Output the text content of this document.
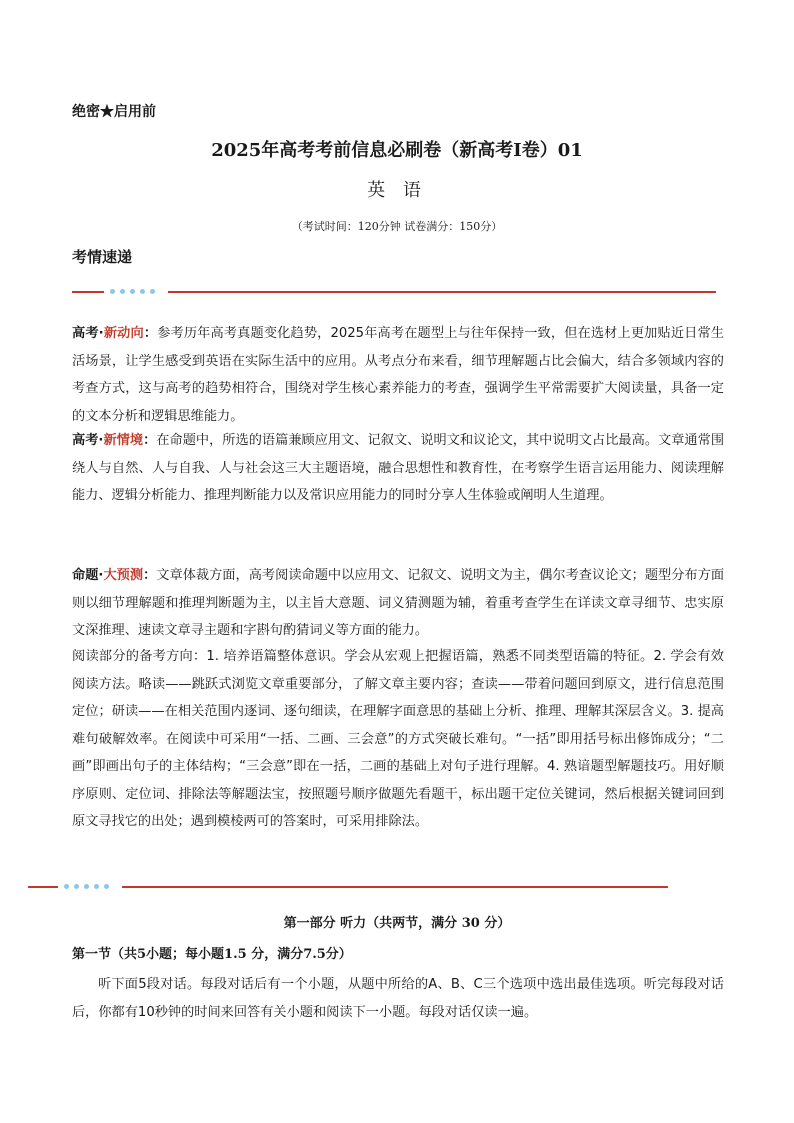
绝密★启用前
2025年高考考前信息必刷卷（新高考I卷）01
英 语
（考试时间：120分钟 试卷满分：150分）
考情速递
高考·新动向：参考历年高考真题变化趋势，2025年高考在题型上与往年保持一致，但在选材上更加贴近日常生活场景，让学生感受到英语在实际生活中的应用。从考点分布来看，细节理解题占比会偏大，结合多领域内容的考查方式，这与高考的趋势相符合，围绕对学生核心素养能力的考查，强调学生平常需要扩大阅读量，具备一定的文本分析和逻辑思维能力。
高考·新情境：在命题中，所选的语篇兼顾应用文、记叙文、说明文和议论文，其中说明文占比最高。文章通常围绕人与自然、人与自我、人与社会这三大主题语境，融合思想性和教育性，在考察学生语言运用能力、阅读理解能力、逻辑分析能力、推理判断能力以及常识应用能力的同时分享人生体验或阐明人生道理。
命题·大预测：文章体裁方面，高考阅读命题中以应用文、记叙文、说明文为主，偶尔考查议论文；题型分布方面则以细节理解题和推理判断题为主，以主旨大意题、词义猜测题为辅，着重考查学生在详读文章寻细节、忠实原文深推理、速读文章寻主题和字斟句酌猜词义等方面的能力。
阅读部分的备考方向：1. 培养语篇整体意识。学会从宏观上把握语篇，熟悉不同类型语篇的特征。2. 学会有效阅读方法。略读——跳跃式浏览文章重要部分，了解文章主要内容；查读——带着问题回到原文，进行信息范围定位；研读——在相关范围内逐词、逐句细读，在理解字面意思的基础上分析、推理、理解其深层含义。3. 提高难句破解效率。在阅读中可采用“一括、二画、三会意”的方式突破长难句。“一括”即用括号标出修饰成分；“二画”即画出句子的主体结构；“三会意”即在一括，二画的基础上对句子进行理解。4. 熟谙题型解题技巧。用好顺序原则、定位词、排除法等解题法宝，按照题号顺序做题先看题干，标出题干定位关键词，然后根据关键词回到原文寻找它的出处；遇到模棱两可的答案时，可采用排除法。
第一部分 听力（共两节，满分 30 分）
第一节（共5小题；每小题1.5 分，满分7.5分）
听下面5段对话。每段对话后有一个小题，从题中所给的A、B、C三个选项中选出最佳选项。听完每段对话后，你都有10秒钟的时间来回答有关小题和阅读下一小题。每段对话仅读一遍。
